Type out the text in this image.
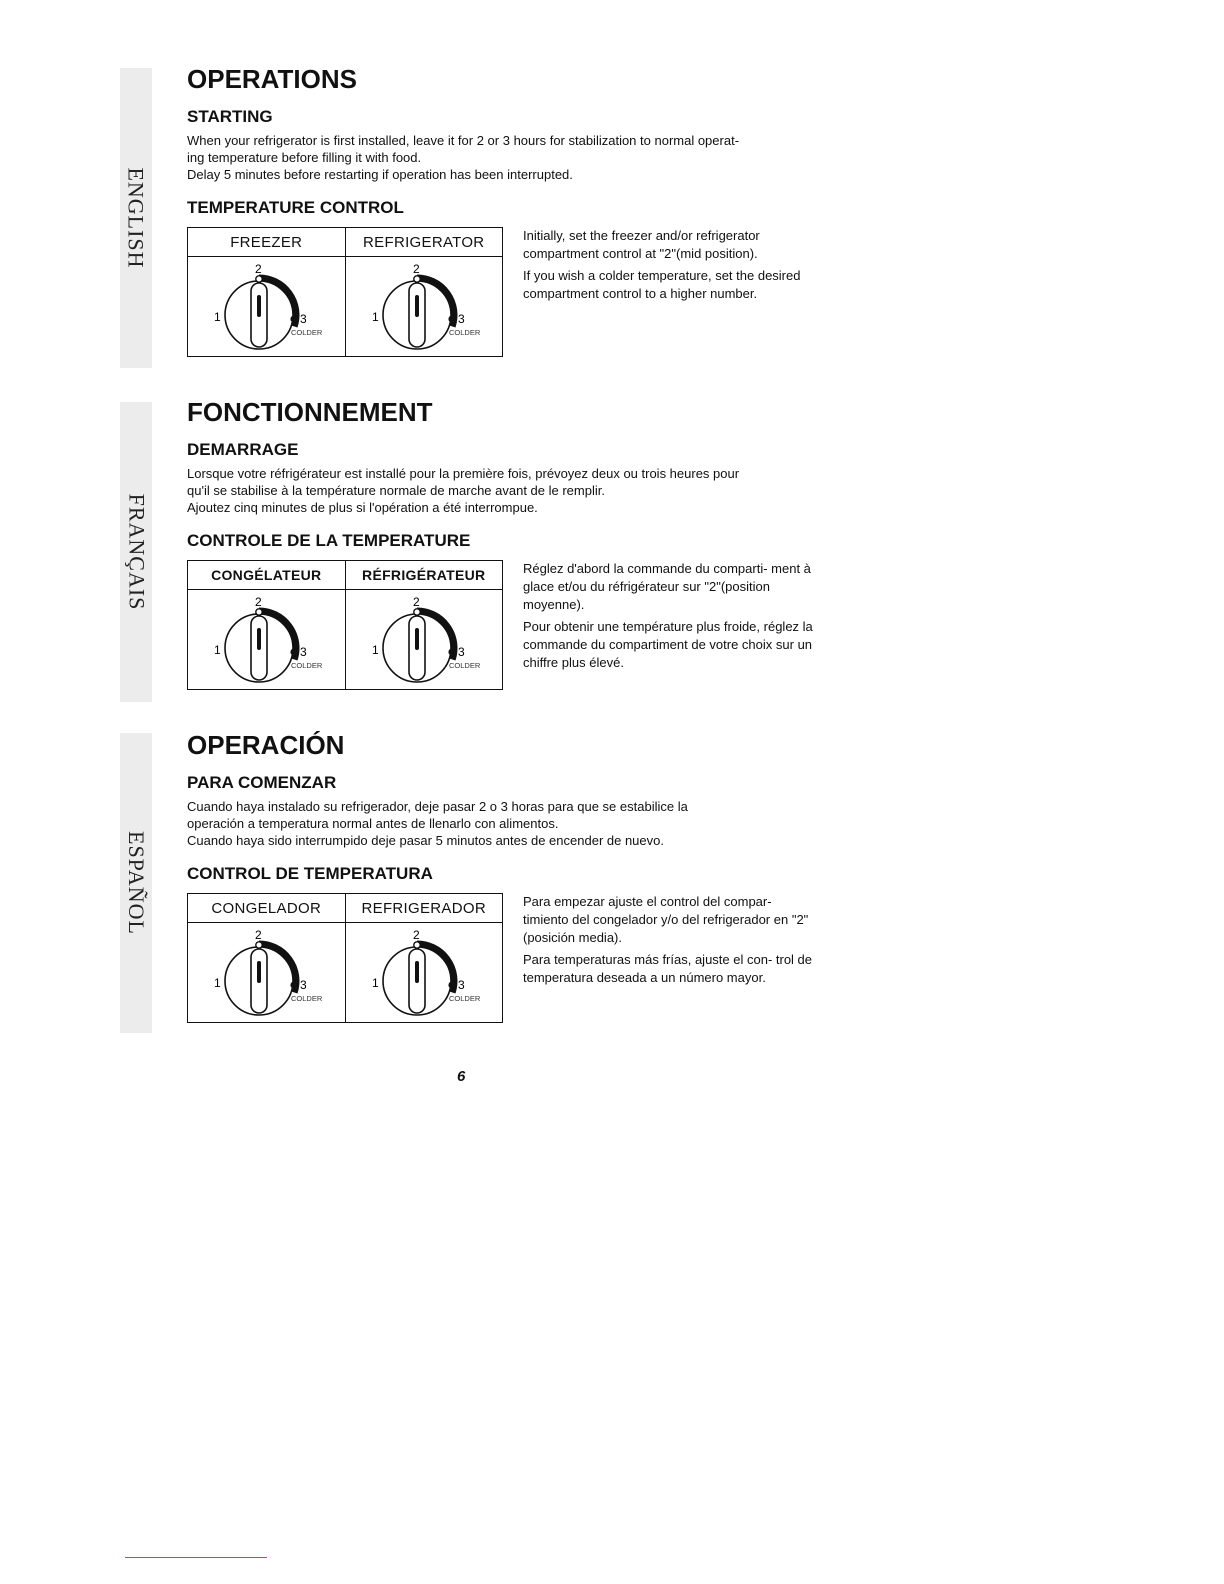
ENGLISH
FRANÇAIS
ESPAÑOL
OPERATIONS
STARTING

When your refrigerator is first installed, leave it for 2 or 3 hours for stabilization to normal operat-

ing temperature before filling it with food.

Delay 5 minutes before restarting if operation has been interrupted.

TEMPERATURE CONTROL
FREEZER
2
1	3
COLDER
REFRIGERATOR
2
1	3
COLDER

Initially, set the freezer and/or refrigerator compartment control at "2"(mid position).

If you wish a colder temperature, set the desired compartment control to a higher number.

FONCTIONNEMENT
DEMARRAGE

Lorsque votre réfrigérateur est installé pour la première fois, prévoyez deux ou trois heures pour

qu'il se stabilise à la température normale de marche avant de le remplir.

Ajoutez cinq minutes de plus si l'opération a été interrompue.

CONTROLE DE LA TEMPERATURE
CONGÉLATEUR
2
1	3
COLDER
RÉFRIGÉRATEUR
2
1	3
COLDER

Réglez d'abord la commande du comparti- ment à glace et/ou du réfrigérateur sur "2"(position moyenne).

Pour obtenir une température plus froide, réglez la commande du compartiment de votre choix sur un chiffre plus élevé.

OPERACIÓN
PARA COMENZAR

Cuando haya instalado su refrigerador, deje pasar 2 o 3 horas para que se estabilice la

operación a temperatura normal antes de llenarlo con alimentos.

Cuando haya sido interrumpido deje pasar 5 minutos antes de encender de nuevo.

CONTROL DE TEMPERATURA
CONGELADOR
2
1	3
COLDER
REFRIGERADOR
2
1	3
COLDER

Para empezar ajuste el control del compar- timiento del congelador y/o del refrigerador en "2"(posición media).

Para temperaturas más frías, ajuste el con- trol de temperatura deseada a un número mayor.

6
